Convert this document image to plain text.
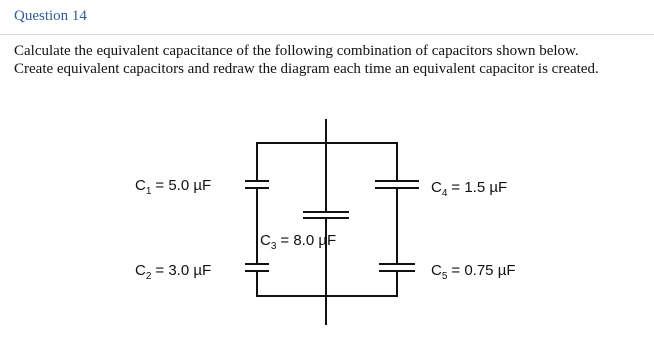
Question 14
Calculate the equivalent capacitance of the following combination of capacitors shown below.
Create equivalent capacitors and redraw the diagram each time an equivalent capacitor is created.
$C_1 = 5.0$ µF
$C_2 = 3.0$ µF
$C_3 = 8.0$ µF
$C_4 = 1.5$ µF
$C_5 = 0.75$ µF
